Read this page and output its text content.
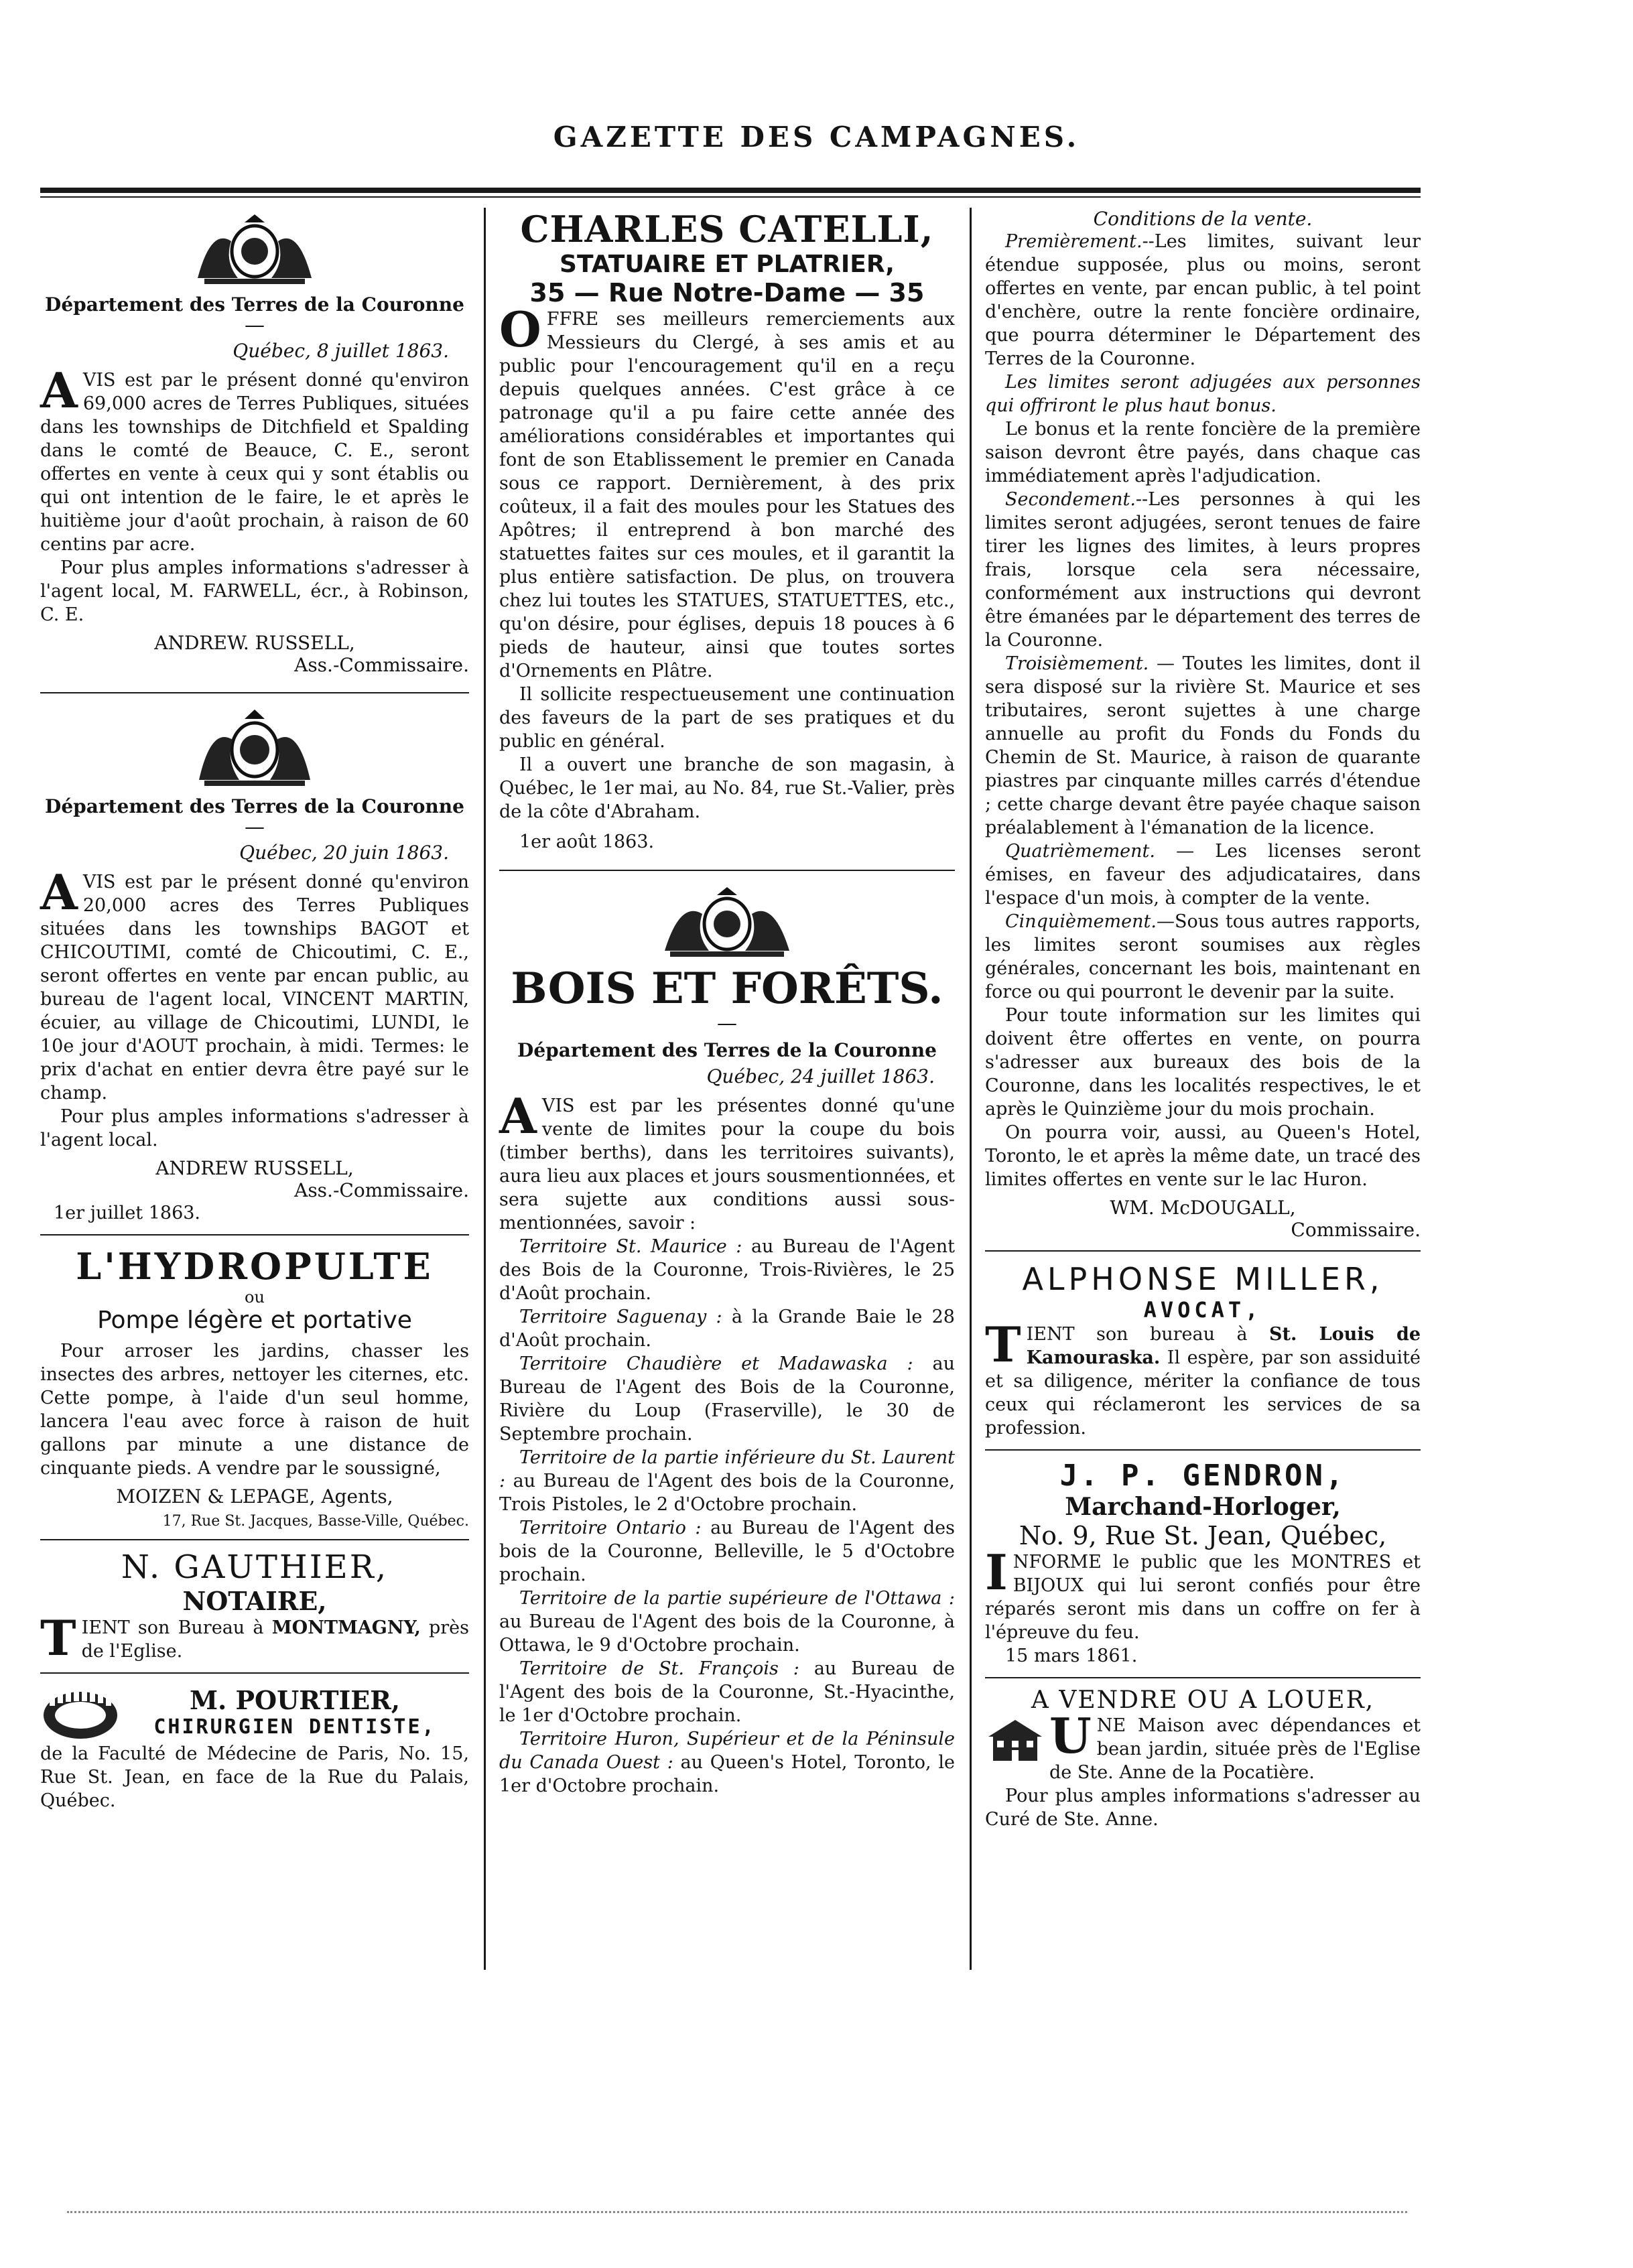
GAZETTE DES CAMPAGNES.
Département des Terres de la Couronne
—
Québec, 8 juillet 1863.

AVIS est par le présent donné qu'environ 69,000 acres de Terres Publiques, situées dans les townships de Ditchfield et Spalding dans le comté de Beauce, C. E., seront offertes en vente à ceux qui y sont établis ou qui ont intention de le faire, le et après le huitième jour d'août prochain, à raison de 60 centins par acre.

Pour plus amples informations s'adresser à l'agent local, M. FARWELL, écr., à Robinson, C. E.

ANDREW. RUSSELL,
Ass.-Commissaire.
Département des Terres de la Couronne
—
Québec, 20 juin 1863.

AVIS est par le présent donné qu'environ 20,000 acres des Terres Publiques situées dans les townships BAGOT et CHICOUTIMI, comté de Chicoutimi, C. E., seront offertes en vente par encan public, au bureau de l'agent local, VINCENT MARTIN, écuier, au village de Chicoutimi, LUNDI, le 10e jour d'AOUT prochain, à midi. Termes: le prix d'achat en entier devra être payé sur le champ.

Pour plus amples informations s'adresser à l'agent local.

ANDREW RUSSELL,
Ass.-Commissaire.
1er juillet 1863.
L'HYDROPULTE
ou
Pompe légère et portative

Pour arroser les jardins, chasser les insectes des arbres, nettoyer les citernes, etc. Cette pompe, à l'aide d'un seul homme, lancera l'eau avec force à raison de huit gallons par minute a une distance de cinquante pieds. A vendre par le soussigné,

MOIZEN & LEPAGE, Agents,
17, Rue St. Jacques, Basse-Ville, Québec.
N. GAUTHIER,
NOTAIRE,

TIENT son Bureau à MONTMAGNY, près de l'Eglise.

M. POURTIER,
CHIRURGIEN DENTISTE,

de la Faculté de Médecine de Paris, No. 15, Rue St. Jean, en face de la Rue du Palais, Québec.

CHARLES CATELLI,
STATUAIRE ET PLATRIER,
35 — Rue Notre-Dame — 35

OFFRE ses meilleurs remerciements aux Messieurs du Clergé, à ses amis et au public pour l'encouragement qu'il en a reçu depuis quelques années. C'est grâce à ce patronage qu'il a pu faire cette année des améliorations considérables et importantes qui font de son Etablissement le premier en Canada sous ce rapport. Dernièrement, à des prix coûteux, il a fait des moules pour les Statues des Apôtres; il entreprend à bon marché des statuettes faites sur ces moules, et il garantit la plus entière satisfaction. De plus, on trouvera chez lui toutes les STATUES, STATUETTES, etc., qu'on désire, pour églises, depuis 18 pouces à 6 pieds de hauteur, ainsi que toutes sortes d'Ornements en Plâtre.

Il sollicite respectueusement une continuation des faveurs de la part de ses pratiques et du public en général.

Il a ouvert une branche de son magasin, à Québec, le 1er mai, au No. 84, rue St.-Valier, près de la côte d'Abraham.

1er août 1863.

BOIS ET FORÊTS.
—
Département des Terres de la Couronne
Québec, 24 juillet 1863.

AVIS est par les présentes donné qu'une vente de limites pour la coupe du bois (timber berths), dans les territoires suivants), aura lieu aux places et jours sousmentionnées, et sera sujette aux conditions aussi sous-mentionnées, savoir :

Territoire St. Maurice : au Bureau de l'Agent des Bois de la Couronne, Trois-Rivières, le 25 d'Août prochain.

Territoire Saguenay : à la Grande Baie le 28 d'Août prochain.

Territoire Chaudière et Madawaska : au Bureau de l'Agent des Bois de la Couronne, Rivière du Loup (Fraserville), le 30 de Septembre prochain.

Territoire de la partie inférieure du St. Laurent : au Bureau de l'Agent des bois de la Couronne, Trois Pistoles, le 2 d'Octobre prochain.

Territoire Ontario : au Bureau de l'Agent des bois de la Couronne, Belleville, le 5 d'Octobre prochain.

Territoire de la partie supérieure de l'Ottawa : au Bureau de l'Agent des bois de la Couronne, à Ottawa, le 9 d'Octobre prochain.

Territoire de St. François : au Bureau de l'Agent des bois de la Couronne, St.-Hyacinthe, le 1er d'Octobre prochain.

Territoire Huron, Supérieur et de la Péninsule du Canada Ouest : au Queen's Hotel, Toronto, le 1er d'Octobre prochain.

Conditions de la vente.

Premièrement.--Les limites, suivant leur étendue supposée, plus ou moins, seront offertes en vente, par encan public, à tel point d'enchère, outre la rente foncière ordinaire, que pourra déterminer le Département des Terres de la Couronne.

Les limites seront adjugées aux personnes qui offriront le plus haut bonus.

Le bonus et la rente foncière de la première saison devront être payés, dans chaque cas immédiatement après l'adjudication.

Secondement.--Les personnes à qui les limites seront adjugées, seront tenues de faire tirer les lignes des limites, à leurs propres frais, lorsque cela sera nécessaire, conformément aux instructions qui devront être émanées par le département des terres de la Couronne.

Troisièmement. — Toutes les limites, dont il sera disposé sur la rivière St. Maurice et ses tributaires, seront sujettes à une charge annuelle au profit du Fonds du Fonds du Chemin de St. Maurice, à raison de quarante piastres par cinquante milles carrés d'étendue ; cette charge devant être payée chaque saison préalablement à l'émanation de la licence.

Quatrièmement. — Les licenses seront émises, en faveur des adjudicataires, dans l'espace d'un mois, à compter de la vente.

Cinquièmement.—Sous tous autres rapports, les limites seront soumises aux règles générales, concernant les bois, maintenant en force ou qui pourront le devenir par la suite.

Pour toute information sur les limites qui doivent être offertes en vente, on pourra s'adresser aux bureaux des bois de la Couronne, dans les localités respectives, le et après le Quinzième jour du mois prochain.

On pourra voir, aussi, au Queen's Hotel, Toronto, le et après la même date, un tracé des limites offertes en vente sur le lac Huron.

WM. McDOUGALL,
Commissaire.
ALPHONSE MILLER,
AVOCAT,

TIENT son bureau à St. Louis de Kamouraska. Il espère, par son assiduité et sa diligence, mériter la confiance de tous ceux qui réclameront les services de sa profession.

J. P. GENDRON,
Marchand-Horloger,
No. 9, Rue St. Jean, Québec,

INFORME le public que les MONTRES et BIJOUX qui lui seront confiés pour être réparés seront mis dans un coffre on fer à l'épreuve du feu.

15 mars 1861.

A VENDRE OU A LOUER,

UNE Maison avec dépendances et bean jardin, située près de l'Eglise de Ste. Anne de la Pocatière.

Pour plus amples informations s'adresser au Curé de Ste. Anne.
